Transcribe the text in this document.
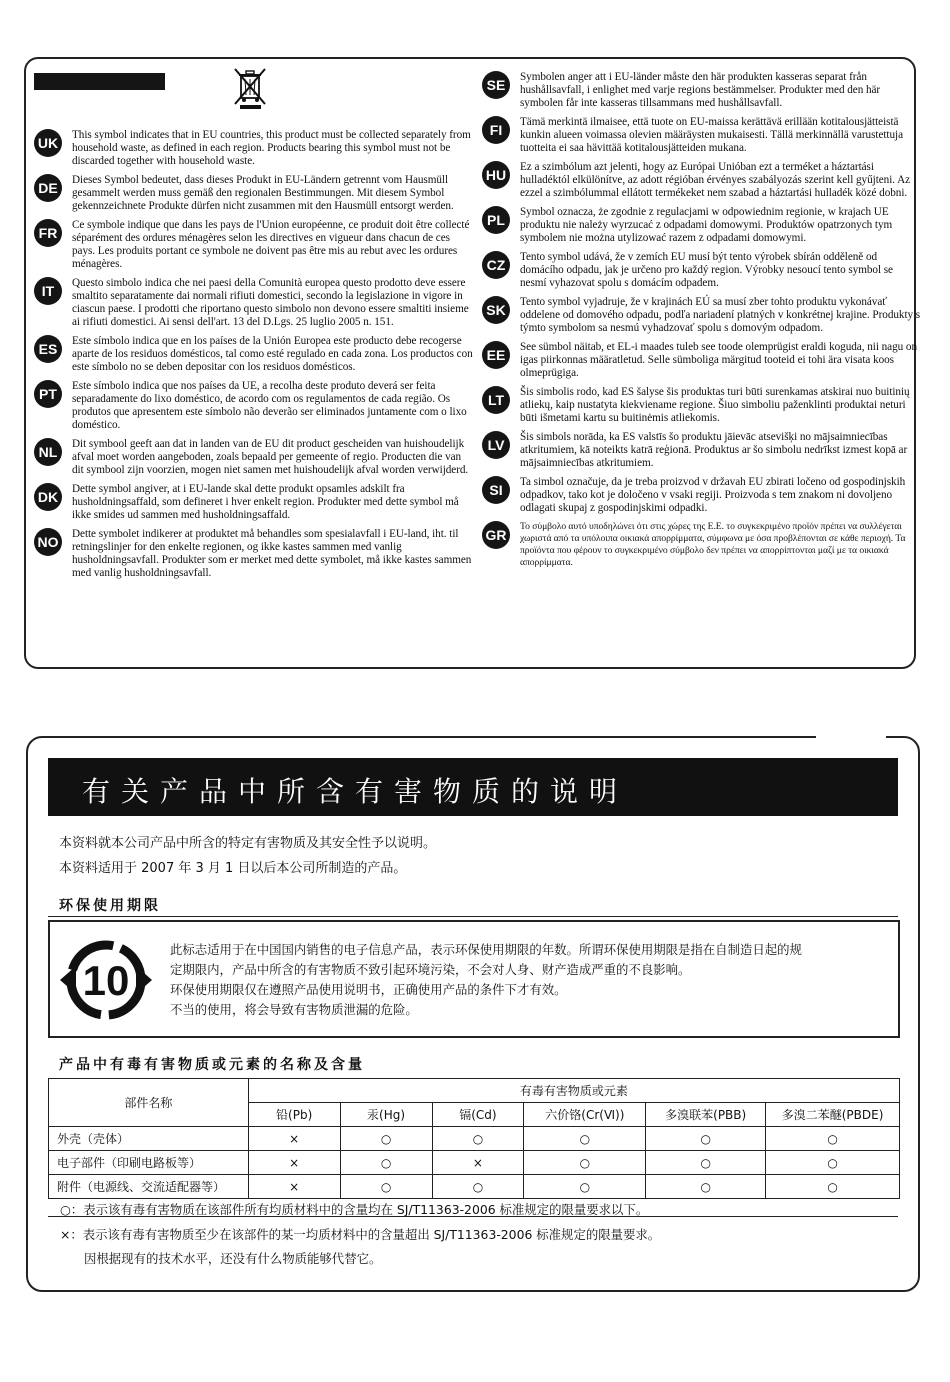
UK	This symbol indicates that in EU countries, this product must be collected separately from household waste, as defined in each region. Products bearing this symbol must not be discarded together with household waste.
DE	Dieses Symbol bedeutet, dass dieses Produkt in EU-Ländern getrennt vom Hausmüll gesammelt werden muss gemäß den regionalen Bestimmungen. Mit diesem Symbol gekennzeichnete Produkte dürfen nicht zusammen mit den Hausmüll entsorgt werden.
FR	Ce symbole indique que dans les pays de l'Union européenne, ce produit doit être collecté séparément des ordures ménagères selon les directives en vigueur dans chacun de ces pays. Les produits portant ce symbole ne doivent pas être mis au rebut avec les ordures ménagères.
IT	Questo simbolo indica che nei paesi della Comunità europea questo prodotto deve essere smaltito separatamente dai normali rifiuti domestici, secondo la legislazione in vigore in ciascun paese. I prodotti che riportano questo simbolo non devono essere smaltiti insieme ai rifiuti domestici. Ai sensi dell'art. 13 del D.Lgs. 25 luglio 2005 n. 151.
ES	Este símbolo indica que en los países de la Unión Europea este producto debe recogerse aparte de los residuos domésticos, tal como esté regulado en cada zona. Los productos con este símbolo no se deben depositar con los residuos domésticos.
PT	Este símbolo indica que nos países da UE, a recolha deste produto deverá ser feita separadamente do lixo doméstico, de acordo com os regulamentos de cada região. Os produtos que apresentem este símbolo não deverão ser eliminados juntamente com o lixo doméstico.
NL	Dit symbool geeft aan dat in landen van de EU dit product gescheiden van huishoudelijk afval moet worden aangeboden, zoals bepaald per gemeente of regio. Producten die van dit symbool zijn voorzien, mogen niet samen met huishoudelijk afval worden verwijderd.
DK	Dette symbol angiver, at i EU-lande skal dette produkt opsamles adskilt fra husholdningsaffald, som defineret i hver enkelt region. Produkter med dette symbol må ikke smides ud sammen med husholdningsaffald.
NO	Dette symbolet indikerer at produktet må behandles som spesialavfall i EU-land, iht. til retningslinjer for den enkelte regionen, og ikke kastes sammen med vanlig husholdningsavfall. Produkter som er merket med dette symbolet, må ikke kastes sammen med vanlig husholdningsavfall.
SE	Symbolen anger att i EU-länder måste den här produkten kasseras separat från hushållsavfall, i enlighet med varje regions bestämmelser. Produkter med den här symbolen får inte kasseras tillsammans med hushållsavfall.
FI	Tämä merkintä ilmaisee, että tuote on EU-maissa kerättävä erillään kotitalousjätteistä kunkin alueen voimassa olevien määräysten mukaisesti. Tällä merkinnällä varustettuja tuotteita ei saa hävittää kotitalousjätteiden mukana.
HU	Ez a szimbólum azt jelenti, hogy az Európai Unióban ezt a terméket a háztartási hulladéktól elkülönítve, az adott régióban érvényes szabályozás szerint kell gyűjteni. Az ezzel a szimbólummal ellátott termékeket nem szabad a háztartási hulladék közé dobni.
PL	Symbol oznacza, że zgodnie z regulacjami w odpowiednim regionie, w krajach UE produktu nie należy wyrzucać z odpadami domowymi. Produktów opatrzonych tym symbolem nie można utylizować razem z odpadami domowymi.
CZ	Tento symbol udává, že v zemích EU musí být tento výrobek sbírán odděleně od domácího odpadu, jak je určeno pro každý region. Výrobky nesoucí tento symbol se nesmí vyhazovat spolu s domácím odpadem.
SK	Tento symbol vyjadruje, že v krajinách EÚ sa musí zber tohto produktu vykonávať oddelene od domového odpadu, podľa nariadení platných v konkrétnej krajine. Produkty s týmto symbolom sa nesmú vyhadzovať spolu s domovým odpadom.
EE	See sümbol näitab, et EL-i maades tuleb see toode olemprügist eraldi koguda, nii nagu on igas piirkonnas määratletud. Selle sümboliga märgitud tooteid ei tohi ära visata koos olmeprügiga.
LT	Šis simbolis rodo, kad ES šalyse šis produktas turi būti surenkamas atskirai nuo buitinių atliekų, kaip nustatyta kiekviename regione. Šiuo simboliu paženklinti produktai neturi būti išmetami kartu su buitinėmis atliekomis.
LV	Šis simbols norāda, ka ES valstīs šo produktu jāievāc atsevišķi no mājsaimniecības atkritumiem, kā noteikts katrā reģionā. Produktus ar šo simbolu nedrīkst izmest kopā ar mājsaimniecības atkritumiem.
SI	Ta simbol označuje, da je treba proizvod v državah EU zbirati ločeno od gospodinjskih odpadkov, tako kot je določeno v vsaki regiji. Proizvoda s tem znakom ni dovoljeno odlagati skupaj z gospodinjskimi odpadki.
GR
Το σύμβολο αυτό υποδηλώνει ότι στις χώρες της Ε.Ε. το συγκεκριμένο προϊόν πρέπει να συλλέγεται χωριστά από τα υπόλοιπα οικιακά απορρίμματα, σύμφωνα με όσα προβλέπονται σε κάθε περιοχή. Τα προϊόντα που φέρουν το συγκεκριμένο σύμβολο δεν πρέπει να απορρίπτονται μαζί με τα οικιακά απορρίμματα.
有关产品中所含有害物质的说明
本资料就本公司产品中所含的特定有害物质及其安全性予以说明。
本资料适用于 2007 年 3 月 1 日以后本公司所制造的产品。
环保使用期限
10
此标志适用于在中国国内销售的电子信息产品，表示环保使用期限的年数。所谓环保使用期限是指在自制造日起的规
定期限内，产品中所含的有害物质不致引起环境污染，不会对人身、财产造成严重的不良影响。
环保使用期限仅在遵照产品使用说明书，正确使用产品的条件下才有效。
不当的使用，将会导致有害物质泄漏的危险。
产品中有毒有害物质或元素的名称及含量
部件名称	有毒有害物质或元素					
	铅(Pb)	汞(Hg)	镉(Cd)	六价铬(Cr(Ⅵ))	多溴联苯(PBB)	多溴二苯醚(PBDE)
外壳（壳体）	×	○	○	○	○	○
电子部件（印刷电路板等）	×	○	×	○	○	○
附件（电源线、交流适配器等）	×	○	○	○	○	○
○：表示该有毒有害物质在该部件所有均质材料中的含量均在 SJ/T11363-2006 标准规定的限量要求以下。
×：表示该有毒有害物质至少在该部件的某一均质材料中的含量超出 SJ/T11363-2006 标准规定的限量要求。
因根据现有的技术水平，还没有什么物质能够代替它。
